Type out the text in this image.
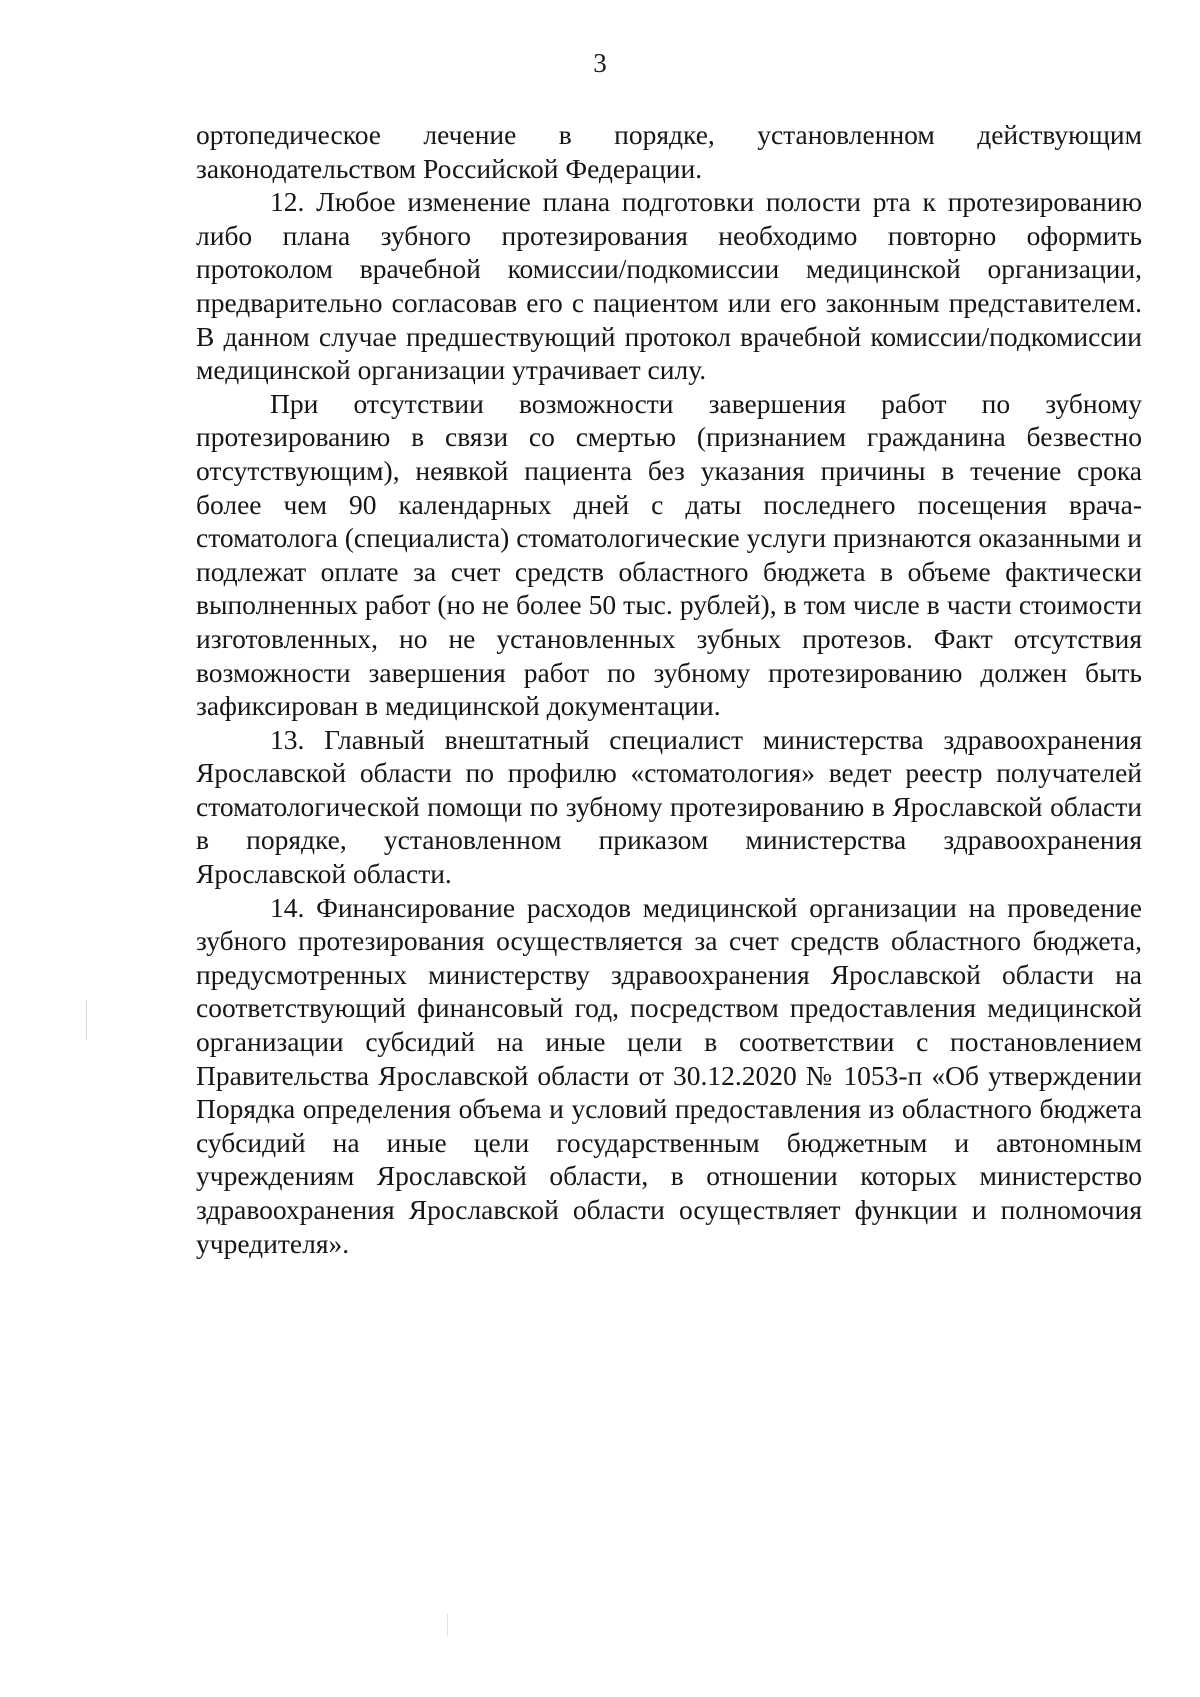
3

ортопедическое лечение в порядке, установленном действующим законодательством Российской Федерации.

12. Любое изменение плана подготовки полости рта к протезированию либо плана зубного протезирования необходимо повторно оформить протоколом врачебной комиссии/подкомиссии медицинской организации, предварительно согласовав его с пациентом или его законным представителем. В данном случае предшествующий протокол врачебной комиссии/подкомиссии медицинской организации утрачивает силу.

При отсутствии возможности завершения работ по зубному протезированию в связи со смертью (признанием гражданина безвестно отсутствующим), неявкой пациента без указания причины в течение срока более чем 90 календарных дней с даты последнего посещения врача-стоматолога (специалиста) стоматологические услуги признаются оказанными и подлежат оплате за счет средств областного бюджета в объеме фактически выполненных работ (но не более 50 тыс. рублей), в том числе в части стоимости изготовленных, но не установленных зубных протезов. Факт отсутствия возможности завершения работ по зубному протезированию должен быть зафиксирован в медицинской документации.

13. Главный внештатный специалист министерства здравоохранения Ярославской области по профилю «стоматология» ведет реестр получателей стоматологической помощи по зубному протезированию в Ярославской области в порядке, установленном приказом министерства здравоохранения Ярославской области.

14. Финансирование расходов медицинской организации на проведение зубного протезирования осуществляется за счет средств областного бюджета, предусмотренных министерству здравоохранения Ярославской области на соответствующий финансовый год, посредством предоставления медицинской организации субсидий на иные цели в соответствии с постановлением Правительства Ярославской области от 30.12.2020 № 1053-п «Об утверждении Порядка определения объема и условий предоставления из областного бюджета субсидий на иные цели государственным бюджетным и автономным учреждениям Ярославской области, в отношении которых министерство здравоохранения Ярославской области осуществляет функции и полномочия учредителя».
